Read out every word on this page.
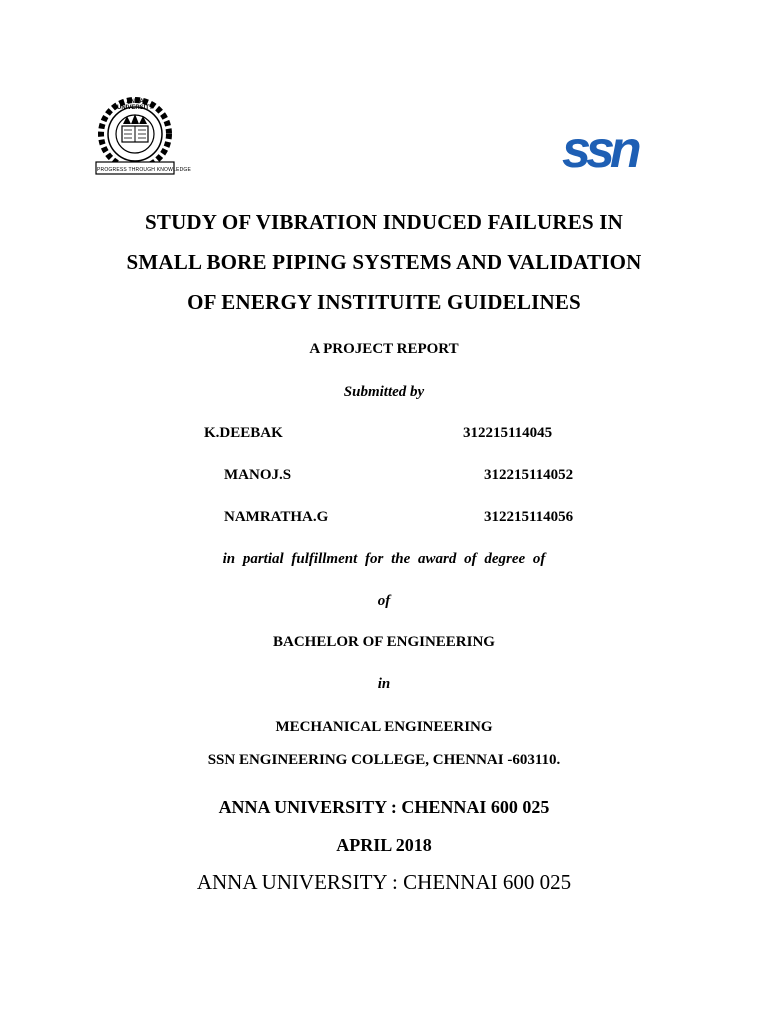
ANNA UNIVERSITY
PROGRESS THROUGH KNOWLEDGE	ssn
STUDY OF VIBRATION INDUCED FAILURES IN
SMALL BORE PIPING SYSTEMS AND VALIDATION
OF ENERGY INSTITUITE GUIDELINES
A PROJECT REPORT
Submitted by
K.DEEBAK	312215114045
MANOJ.S	312215114052
NAMRATHA.G	312215114056
in partial fulfillment for the award of degree of
of
BACHELOR OF ENGINEERING
in
MECHANICAL ENGINEERING
SSN ENGINEERING COLLEGE, CHENNAI -603110.
ANNA UNIVERSITY : CHENNAI 600 025
APRIL 2018
ANNA UNIVERSITY : CHENNAI 600 025
